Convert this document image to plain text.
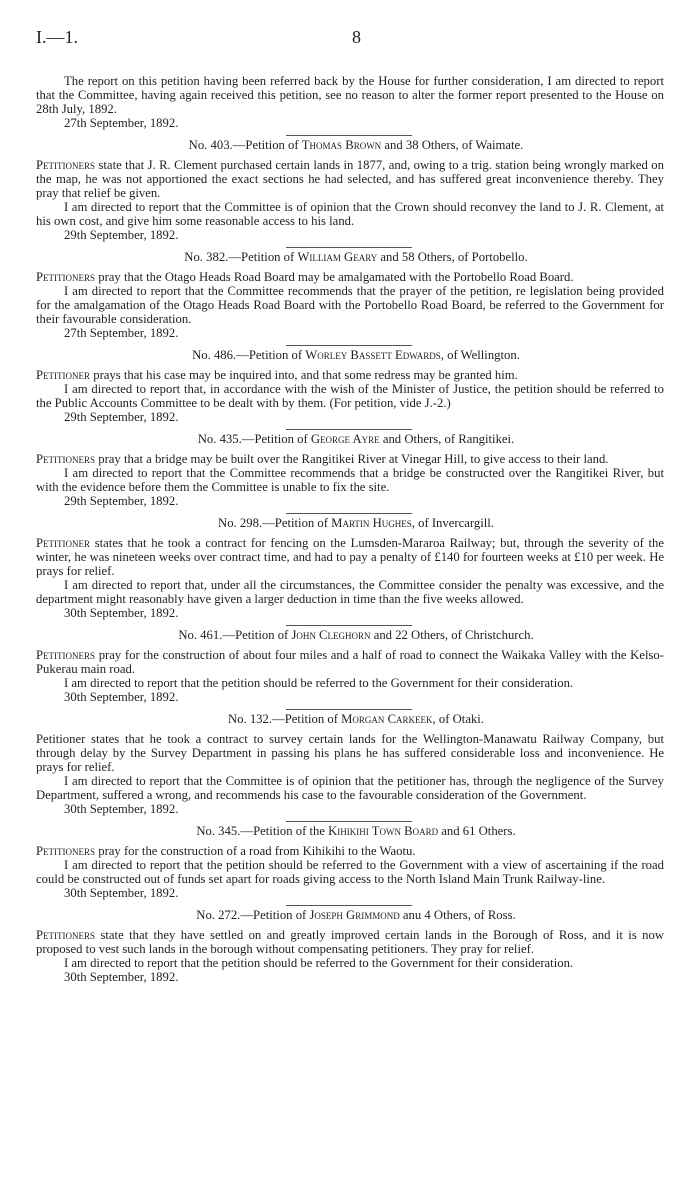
I.—1.	8

The report on this petition having been referred back by the House for further consideration, I am directed to report that the Committee, having again received this petition, see no reason to alter the former report presented to the House on 28th July, 1892.

27th September, 1892.

No. 403.—Petition of Thomas Brown and 38 Others, of Waimate.

Petitioners state that J. R. Clement purchased certain lands in 1877, and, owing to a trig. station being wrongly marked on the map, he was not apportioned the exact sections he had selected, and has suffered great inconvenience thereby. They pray that relief be given.

I am directed to report that the Committee is of opinion that the Crown should reconvey the land to J. R. Clement, at his own cost, and give him some reasonable access to his land.

29th September, 1892.

No. 382.—Petition of William Geary and 58 Others, of Portobello.

Petitioners pray that the Otago Heads Road Board may be amalgamated with the Portobello Road Board.

I am directed to report that the Committee recommends that the prayer of the petition, re legislation being provided for the amalgamation of the Otago Heads Road Board with the Portobello Road Board, be referred to the Government for their favourable consideration.

27th September, 1892.

No. 486.—Petition of Worley Bassett Edwards, of Wellington.

Petitioner prays that his case may be inquired into, and that some redress may be granted him.

I am directed to report that, in accordance with the wish of the Minister of Justice, the petition should be referred to the Public Accounts Committee to be dealt with by them. (For petition, vide J.-2.)

29th September, 1892.

No. 435.—Petition of George Ayre and Others, of Rangitikei.

Petitioners pray that a bridge may be built over the Rangitikei River at Vinegar Hill, to give access to their land.

I am directed to report that the Committee recommends that a bridge be constructed over the Rangitikei River, but with the evidence before them the Committee is unable to fix the site.

29th September, 1892.

No. 298.—Petition of Martin Hughes, of Invercargill.

Petitioner states that he took a contract for fencing on the Lumsden-Mararoa Railway; but, through the severity of the winter, he was nineteen weeks over contract time, and had to pay a penalty of £140 for fourteen weeks at £10 per week. He prays for relief.

I am directed to report that, under all the circumstances, the Committee consider the penalty was excessive, and the department might reasonably have given a larger deduction in time than the five weeks allowed.

30th September, 1892.

No. 461.—Petition of John Cleghorn and 22 Others, of Christchurch.

Petitioners pray for the construction of about four miles and a half of road to connect the Waikaka Valley with the Kelso-Pukerau main road.

I am directed to report that the petition should be referred to the Government for their consideration.

30th September, 1892.

No. 132.—Petition of Morgan Carkeek, of Otaki.

Petitioner states that he took a contract to survey certain lands for the Wellington-Manawatu Railway Company, but through delay by the Survey Department in passing his plans he has suffered considerable loss and inconvenience. He prays for relief.

I am directed to report that the Committee is of opinion that the petitioner has, through the negligence of the Survey Department, suffered a wrong, and recommends his case to the favourable consideration of the Government.

30th September, 1892.

No. 345.—Petition of the Kihikihi Town Board and 61 Others.

Petitioners pray for the construction of a road from Kihikihi to the Waotu.

I am directed to report that the petition should be referred to the Government with a view of ascertaining if the road could be constructed out of funds set apart for roads giving access to the North Island Main Trunk Railway-line.

30th September, 1892.

No. 272.—Petition of Joseph Grimmond anu 4 Others, of Ross.

Petitioners state that they have settled on and greatly improved certain lands in the Borough of Ross, and it is now proposed to vest such lands in the borough without compensating petitioners. They pray for relief.

I am directed to report that the petition should be referred to the Government for their consideration.

30th September, 1892.
